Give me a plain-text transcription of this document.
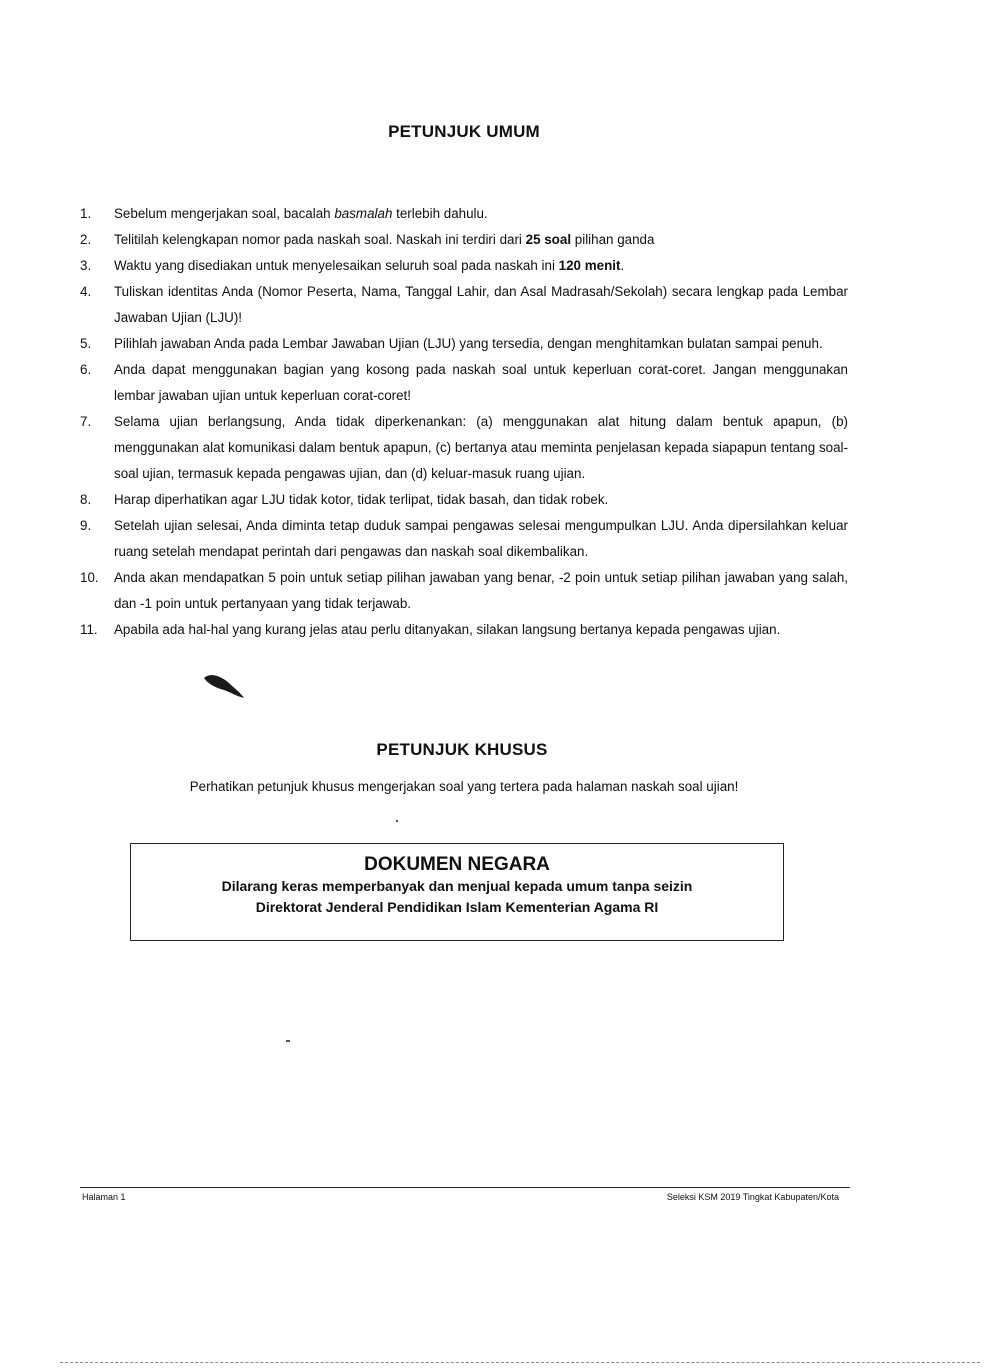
PETUNJUK UMUM
1.	Sebelum mengerjakan soal, bacalah basmalah terlebih dahulu.
2.	Telitilah kelengkapan nomor pada naskah soal. Naskah ini terdiri dari 25 soal pilihan ganda
3.	Waktu yang disediakan untuk menyelesaikan seluruh soal pada naskah ini 120 menit.
4.	Tuliskan identitas Anda (Nomor Peserta, Nama, Tanggal Lahir, dan Asal Madrasah/Sekolah) secara lengkap pada Lembar Jawaban Ujian (LJU)!
5.	Pilihlah jawaban Anda pada Lembar Jawaban Ujian (LJU) yang tersedia, dengan menghitamkan bulatan sampai penuh.
6.	Anda dapat menggunakan bagian yang kosong pada naskah soal untuk keperluan corat-coret. Jangan menggunakan lembar jawaban ujian untuk keperluan corat-coret!
7.	Selama ujian berlangsung, Anda tidak diperkenankan: (a) menggunakan alat hitung dalam bentuk apapun, (b) menggunakan alat komunikasi dalam bentuk apapun, (c) bertanya atau meminta penjelasan kepada siapapun tentang soal-soal ujian, termasuk kepada pengawas ujian, dan (d) keluar-masuk ruang ujian.
8.	Harap diperhatikan agar LJU tidak kotor, tidak terlipat, tidak basah, dan tidak robek.
9.	Setelah ujian selesai, Anda diminta tetap duduk sampai pengawas selesai mengumpulkan LJU. Anda dipersilahkan keluar ruang setelah mendapat perintah dari pengawas dan naskah soal dikembalikan.
10.	Anda akan mendapatkan 5 poin untuk setiap pilihan jawaban yang benar, -2 poin untuk setiap pilihan jawaban yang salah, dan -1 poin untuk pertanyaan yang tidak terjawab.
11.	Apabila ada hal-hal yang kurang jelas atau perlu ditanyakan, silakan langsung bertanya kepada pengawas ujian.
PETUNJUK KHUSUS
Perhatikan petunjuk khusus mengerjakan soal yang tertera pada halaman naskah soal ujian!
DOKUMEN NEGARA
Dilarang keras memperbanyak dan menjual kepada umum tanpa seizin
Direktorat Jenderal Pendidikan Islam Kementerian Agama RI
Halaman 1	Seleksi KSM 2019 Tingkat Kabupaten/Kota
